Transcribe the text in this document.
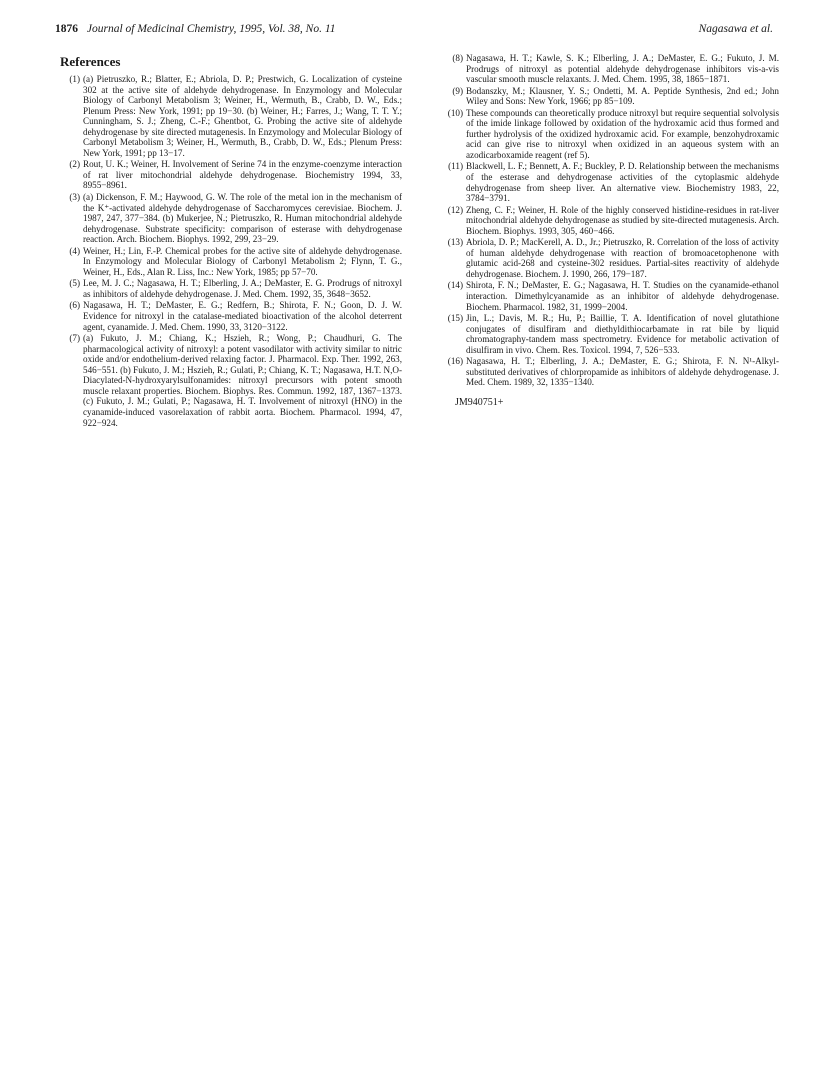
1876 Journal of Medicinal Chemistry, 1995, Vol. 38, No. 11	Nagasawa et al.
References
(1) (a) Pietruszko, R.; Blatter, E.; Abriola, D. P.; Prestwich, G. Localization of cysteine 302 at the active site of aldehyde dehydrogenase. In Enzymology and Molecular Biology of Carbonyl Metabolism 3; Weiner, H., Wermuth, B., Crabb, D. W., Eds.; Plenum Press: New York, 1991; pp 19−30. (b) Weiner, H.; Farres, J.; Wang, T. T. Y.; Cunningham, S. J.; Zheng, C.-F.; Ghentbot, G. Probing the active site of aldehyde dehydrogenase by site directed mutagenesis. In Enzymology and Molecular Biology of Carbonyl Metabolism 3; Weiner, H., Wermuth, B., Crabb, D. W., Eds.; Plenum Press: New York, 1991; pp 13−17.
(2) Rout, U. K.; Weiner, H. Involvement of Serine 74 in the enzyme-coenzyme interaction of rat liver mitochondrial aldehyde dehydrogenase. Biochemistry 1994, 33, 8955−8961.
(3) (a) Dickenson, F. M.; Haywood, G. W. The role of the metal ion in the mechanism of the K⁺-activated aldehyde dehydrogenase of Saccharomyces cerevisiae. Biochem. J. 1987, 247, 377−384. (b) Mukerjee, N.; Pietruszko, R. Human mitochondrial aldehyde dehydrogenase. Substrate specificity: comparison of esterase with dehydrogenase reaction. Arch. Biochem. Biophys. 1992, 299, 23−29.
(4) Weiner, H.; Lin, F.-P. Chemical probes for the active site of aldehyde dehydrogenase. In Enzymology and Molecular Biology of Carbonyl Metabolism 2; Flynn, T. G., Weiner, H., Eds., Alan R. Liss, Inc.: New York, 1985; pp 57−70.
(5) Lee, M. J. C.; Nagasawa, H. T.; Elberling, J. A.; DeMaster, E. G. Prodrugs of nitroxyl as inhibitors of aldehyde dehydrogenase. J. Med. Chem. 1992, 35, 3648−3652.
(6) Nagasawa, H. T.; DeMaster, E. G.; Redfern, B.; Shirota, F. N.; Goon, D. J. W. Evidence for nitroxyl in the catalase-mediated bioactivation of the alcohol deterrent agent, cyanamide. J. Med. Chem. 1990, 33, 3120−3122.
(7) (a) Fukuto, J. M.; Chiang, K.; Hszieh, R.; Wong, P.; Chaudhuri, G. The pharmacological activity of nitroxyl: a potent vasodilator with activity similar to nitric oxide and/or endothelium-derived relaxing factor. J. Pharmacol. Exp. Ther. 1992, 263, 546−551. (b) Fukuto, J. M.; Hszieh, R.; Gulati, P.; Chiang, K. T.; Nagasawa, H.T. N,O-Diacylated-N-hydroxyarylsulfonamides: nitroxyl precursors with potent smooth muscle relaxant properties. Biochem. Biophys. Res. Commun. 1992, 187, 1367−1373. (c) Fukuto, J. M.; Gulati, P.; Nagasawa, H. T. Involvement of nitroxyl (HNO) in the cyanamide-induced vasorelaxation of rabbit aorta. Biochem. Pharmacol. 1994, 47, 922−924.
(8) Nagasawa, H. T.; Kawle, S. K.; Elberling, J. A.; DeMaster, E. G.; Fukuto, J. M. Prodrugs of nitroxyl as potential aldehyde dehydrogenase inhibitors vis-a-vis vascular smooth muscle relaxants. J. Med. Chem. 1995, 38, 1865−1871.
(9) Bodanszky, M.; Klausner, Y. S.; Ondetti, M. A. Peptide Synthesis, 2nd ed.; John Wiley and Sons: New York, 1966; pp 85−109.
(10) These compounds can theoretically produce nitroxyl but require sequential solvolysis of the imide linkage followed by oxidation of the hydroxamic acid thus formed and further hydrolysis of the oxidized hydroxamic acid. For example, benzohydroxamic acid can give rise to nitroxyl when oxidized in an aqueous system with an azodicarboxamide reagent (ref 5).
(11) Blackwell, L. F.; Bennett, A. F.; Buckley, P. D. Relationship between the mechanisms of the esterase and dehydrogenase activities of the cytoplasmic aldehyde dehydrogenase from sheep liver. An alternative view. Biochemistry 1983, 22, 3784−3791.
(12) Zheng, C. F.; Weiner, H. Role of the highly conserved histidine-residues in rat-liver mitochondrial aldehyde dehydrogenase as studied by site-directed mutagenesis. Arch. Biochem. Biophys. 1993, 305, 460−466.
(13) Abriola, D. P.; MacKerell, A. D., Jr.; Pietruszko, R. Correlation of the loss of activity of human aldehyde dehydrogenase with reaction of bromoacetophenone with glutamic acid-268 and cysteine-302 residues. Partial-sites reactivity of aldehyde dehydrogenase. Biochem. J. 1990, 266, 179−187.
(14) Shirota, F. N.; DeMaster, E. G.; Nagasawa, H. T. Studies on the cyanamide-ethanol interaction. Dimethylcyanamide as an inhibitor of aldehyde dehydrogenase. Biochem. Pharmacol. 1982, 31, 1999−2004.
(15) Jin, L.; Davis, M. R.; Hu, P.; Baillie, T. A. Identification of novel glutathione conjugates of disulfiram and diethyldithiocarbamate in rat bile by liquid chromatography-tandem mass spectrometry. Evidence for metabolic activation of disulfiram in vivo. Chem. Res. Toxicol. 1994, 7, 526−533.
(16) Nagasawa, H. T.; Elberling, J. A.; DeMaster, E. G.; Shirota, F. N. N¹-Alkyl-substituted derivatives of chlorpropamide as inhibitors of aldehyde dehydrogenase. J. Med. Chem. 1989, 32, 1335−1340.
JM940751+
